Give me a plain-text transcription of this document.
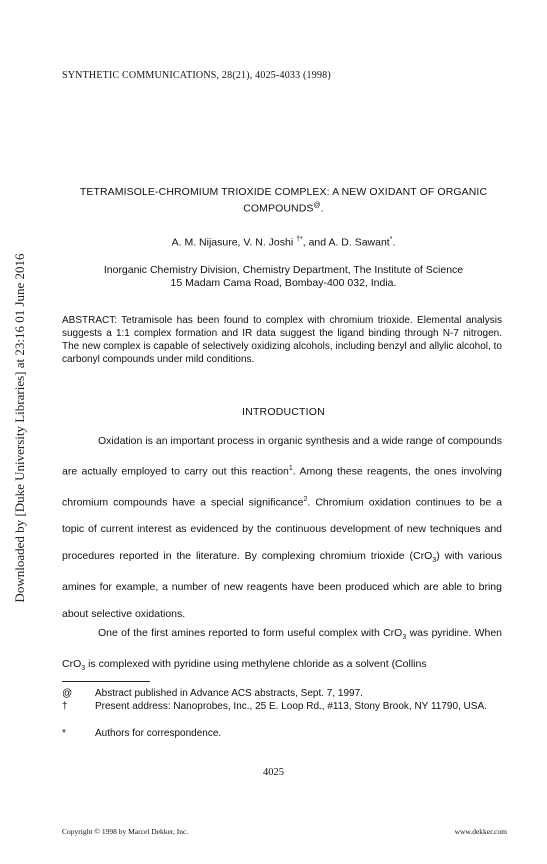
Downloaded by [Duke University Libraries] at 23:16 01 June 2016
SYNTHETIC COMMUNICATIONS, 28(21), 4025-4033 (1998)
TETRAMISOLE-CHROMIUM TRIOXIDE COMPLEX: A NEW OXIDANT OF ORGANIC
COMPOUNDS@.
A. M. Nijasure, V. N. Joshi †*, and A. D. Sawant*.
Inorganic Chemistry Division, Chemistry Department, The Institute of Science
15 Madam Cama Road, Bombay-400 032, India.
ABSTRACT: Tetramisole has been found to complex with chromium trioxide. Elemental analysis suggests a 1:1 complex formation and IR data suggest the ligand binding through N-7 nitrogen. The new complex is capable of selectively oxidizing alcohols, including benzyl and allylic alcohol, to carbonyl compounds under mild conditions.
INTRODUCTION
Oxidation is an important process in organic synthesis and a wide range of compounds are actually employed to carry out this reaction$^1$. Among these reagents, the ones involving chromium compounds have a special significance$^2$. Chromium oxidation continues to be a topic of current interest as evidenced by the continuous development of new techniques and procedures reported in the literature. By complexing chromium trioxide (CrO$_3$) with various amines for example, a number of new reagents have been produced which are able to bring about selective oxidations.
One of the first amines reported to form useful complex with CrO$_3$ was pyridine. When CrO$_3$ is complexed with pyridine using methylene chloride as a solvent (Collins
@	Abstract published in Advance ACS abstracts, Sept. 7, 1997.
†	Present address: Nanoprobes, Inc., 25 E. Loop Rd., #113, Stony Brook, NY 11790, USA.
*	Authors for correspondence.
4025
Copyright © 1998 by Marcel Dekker, Inc.	www.dekker.com
